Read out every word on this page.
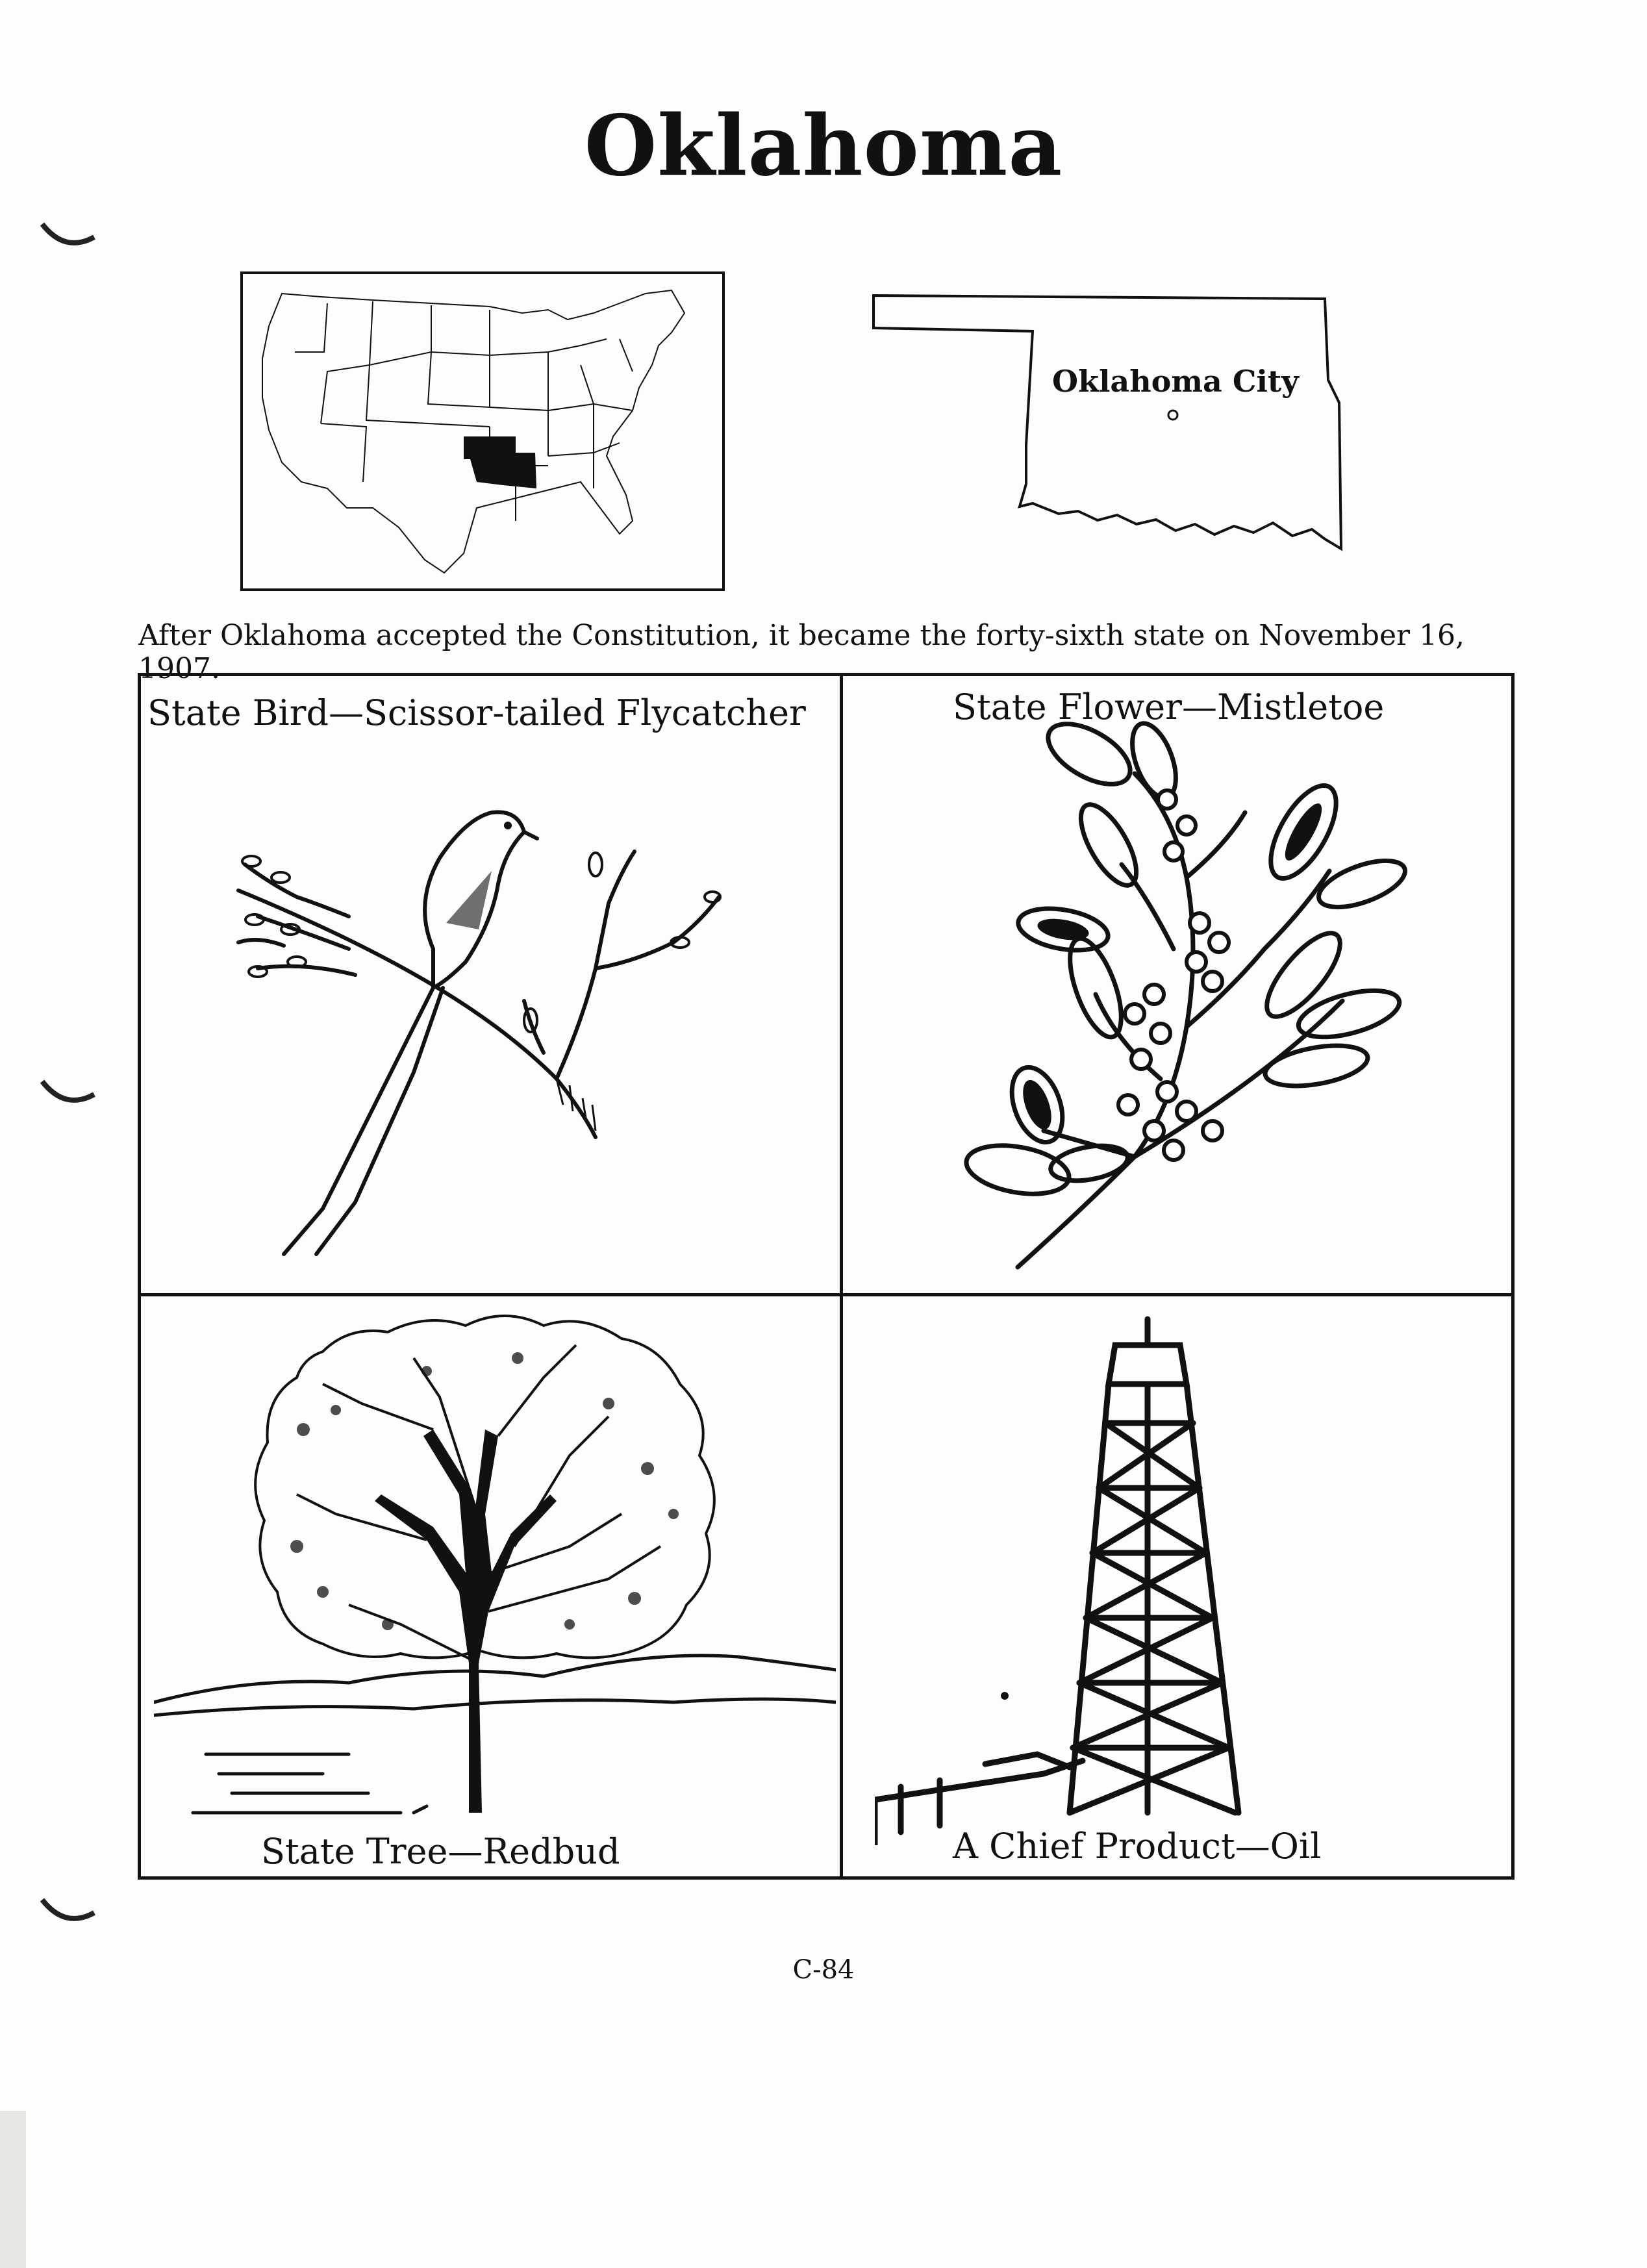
Oklahoma
Oklahoma City
After Oklahoma accepted the Constitution, it became the forty-sixth state on November 16, 1907.
State Bird—Scissor-tailed Flycatcher	State Flower—Mistletoe
State Tree—Redbud	A Chief Product—Oil
C-84
